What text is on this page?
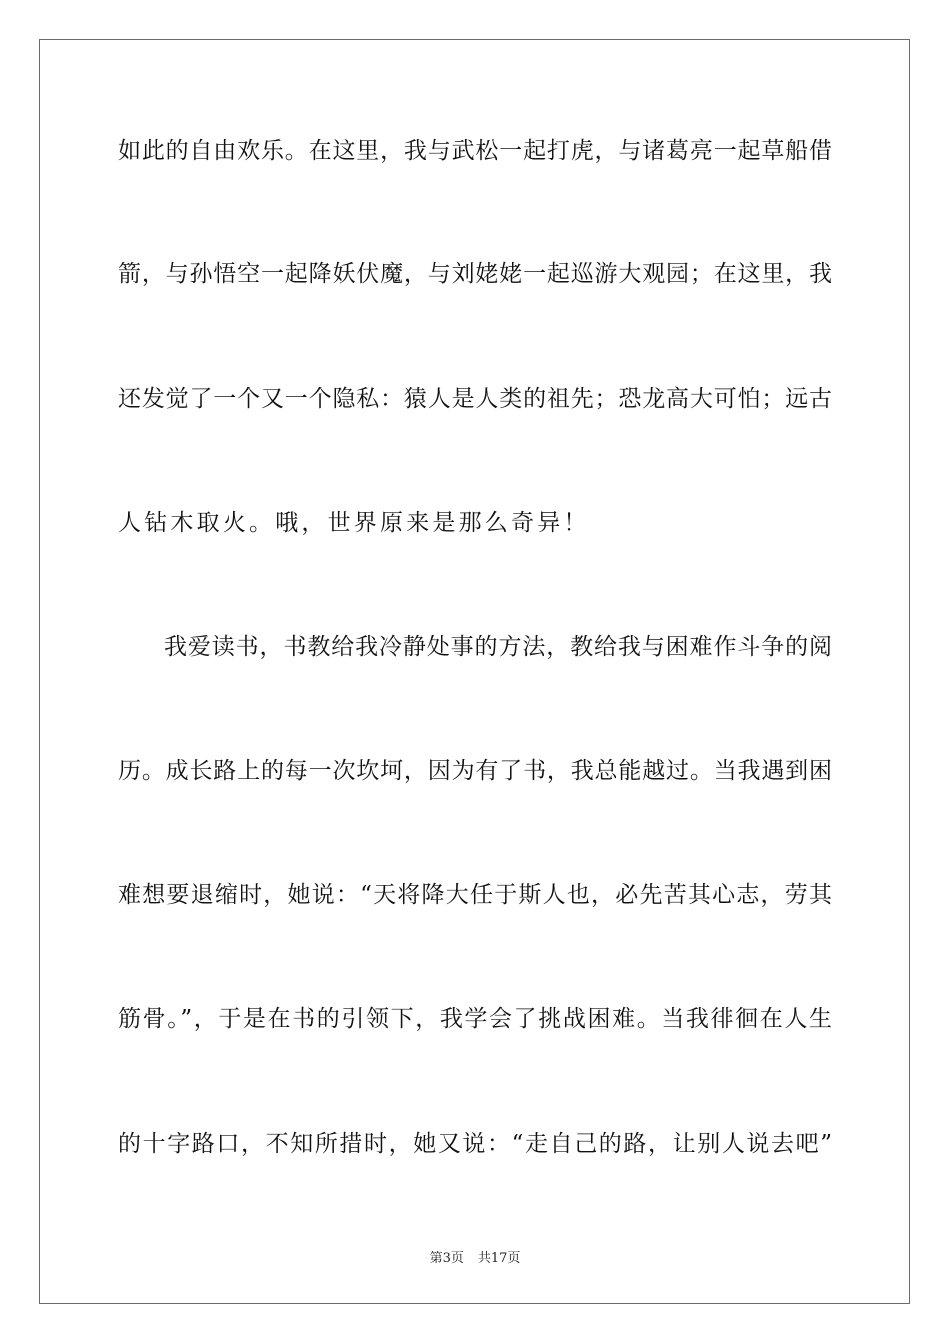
如此的自由欢乐。在这里，我与武松一起打虎，与诸葛亮一起草船借
箭，与孙悟空一起降妖伏魔，与刘姥姥一起巡游大观园；在这里，我
还发觉了一个又一个隐私：猿人是人类的祖先；恐龙高大可怕；远古
人钻木取火。哦，世界原来是那么奇异！
我爱读书，书教给我冷静处事的方法，教给我与困难作斗争的阅
历。成长路上的每一次坎坷，因为有了书，我总能越过。当我遇到困
难想要退缩时，她说：“天将降大任于斯人也，必先苦其心志，劳其
筋骨。”，于是在书的引领下，我学会了挑战困难。当我徘徊在人生
的十字路口，不知所措时，她又说：“走自己的路，让别人说去吧”
第3页 共17页
